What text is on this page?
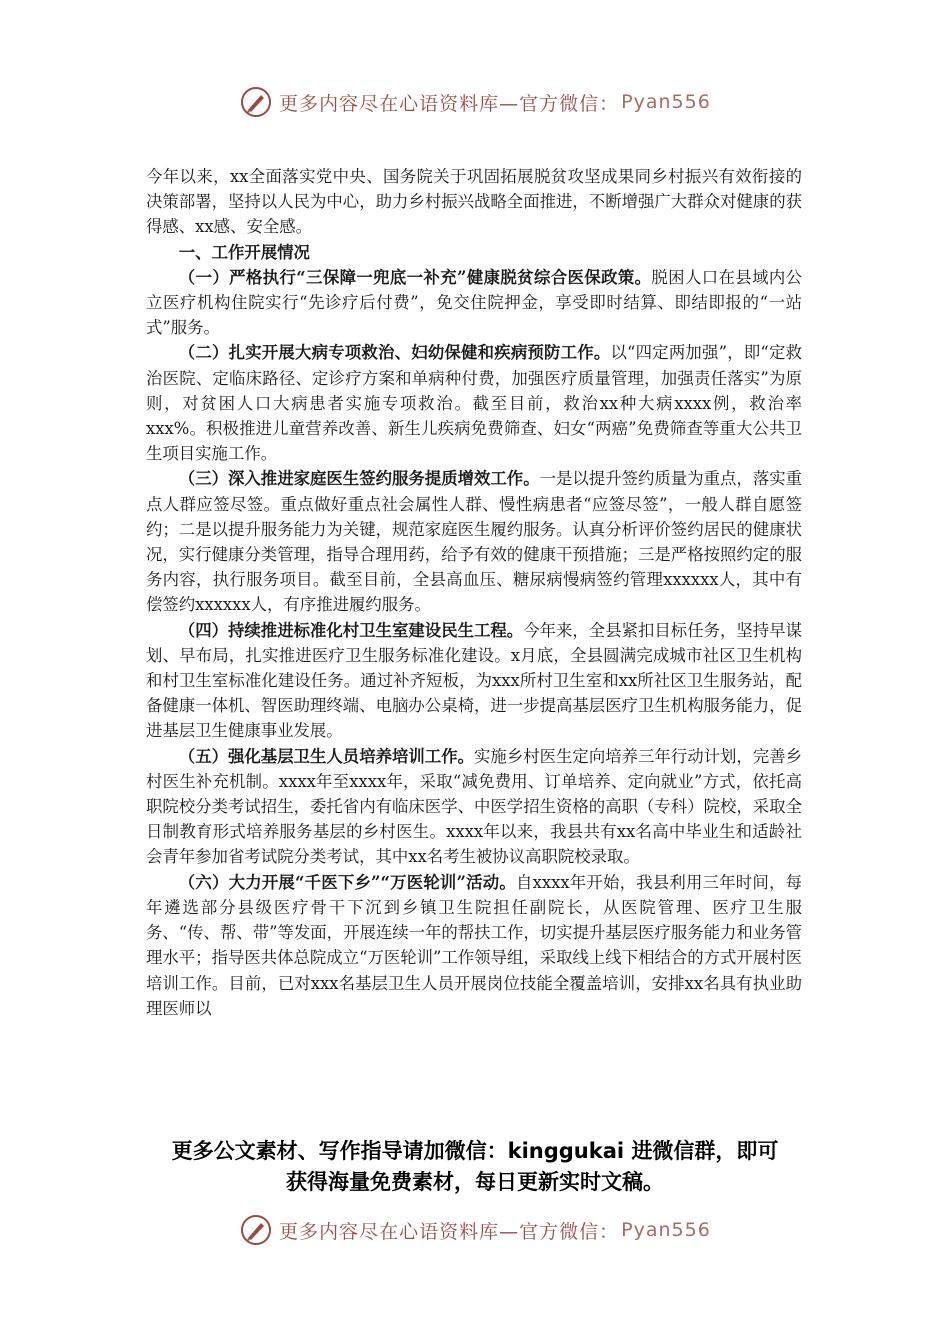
更多内容尽在心语资料库—官方微信： Pyan556

今年以来，xx全面落实党中央、国务院关于巩固拓展脱贫攻坚成果同乡村振兴有效衔接的决策部署，坚持以人民为中心，助力乡村振兴战略全面推进，不断增强广大群众对健康的获得感、xx感、安全感。

一、工作开展情况

（一）严格执行“三保障一兜底一补充”健康脱贫综合医保政策。脱困人口在县域内公立医疗机构住院实行“先诊疗后付费”，免交住院押金，享受即时结算、即结即报的“一站式”服务。

（二）扎实开展大病专项救治、妇幼保健和疾病预防工作。以“四定两加强”，即“定救治医院、定临床路径、定诊疗方案和单病种付费，加强医疗质量管理，加强责任落实”为原则，对贫困人口大病患者实施专项救治。截至目前，救治xx种大病xxxx例，救治率xxx%。积极推进儿童营养改善、新生儿疾病免费筛查、妇女“两癌”免费筛查等重大公共卫生项目实施工作。

（三）深入推进家庭医生签约服务提质增效工作。一是以提升签约质量为重点，落实重点人群应签尽签。重点做好重点社会属性人群、慢性病患者“应签尽签”，一般人群自愿签约；二是以提升服务能力为关键，规范家庭医生履约服务。认真分析评价签约居民的健康状况，实行健康分类管理，指导合理用药，给予有效的健康干预措施；三是严格按照约定的服务内容，执行服务项目。截至目前，全县高血压、糖尿病慢病签约管理xxxxxx人，其中有偿签约xxxxxx人，有序推进履约服务。

（四）持续推进标准化村卫生室建设民生工程。今年来，全县紧扣目标任务，坚持早谋划、早布局，扎实推进医疗卫生服务标准化建设。x月底，全县圆满完成城市社区卫生机构和村卫生室标准化建设任务。通过补齐短板，为xxx所村卫生室和xx所社区卫生服务站，配备健康一体机、智医助理终端、电脑办公桌椅，进一步提高基层医疗卫生机构服务能力，促进基层卫生健康事业发展。

（五）强化基层卫生人员培养培训工作。实施乡村医生定向培养三年行动计划，完善乡村医生补充机制。xxxx年至xxxx年，采取“减免费用、订单培养、定向就业”方式，依托高职院校分类考试招生，委托省内有临床医学、中医学招生资格的高职（专科）院校，采取全日制教育形式培养服务基层的乡村医生。xxxx年以来，我县共有xx名高中毕业生和适龄社会青年参加省考试院分类考试，其中xx名考生被协议高职院校录取。

（六）大力开展“千医下乡”“万医轮训”活动。自xxxx年开始，我县利用三年时间，每年遴选部分县级医疗骨干下沉到乡镇卫生院担任副院长，从医院管理、医疗卫生服务、“传、帮、带”等发面，开展连续一年的帮扶工作，切实提升基层医疗服务能力和业务管理水平；指导医共体总院成立“万医轮训”工作领导组，采取线上线下相结合的方式开展村医培训工作。目前，已对xxx名基层卫生人员开展岗位技能全覆盖培训，安排xx名具有执业助理医师以

更多公文素材、写作指导请加微信：kinggukai 进微信群，即可
获得海量免费素材，每日更新实时文稿。
更多内容尽在心语资料库—官方微信： Pyan556
